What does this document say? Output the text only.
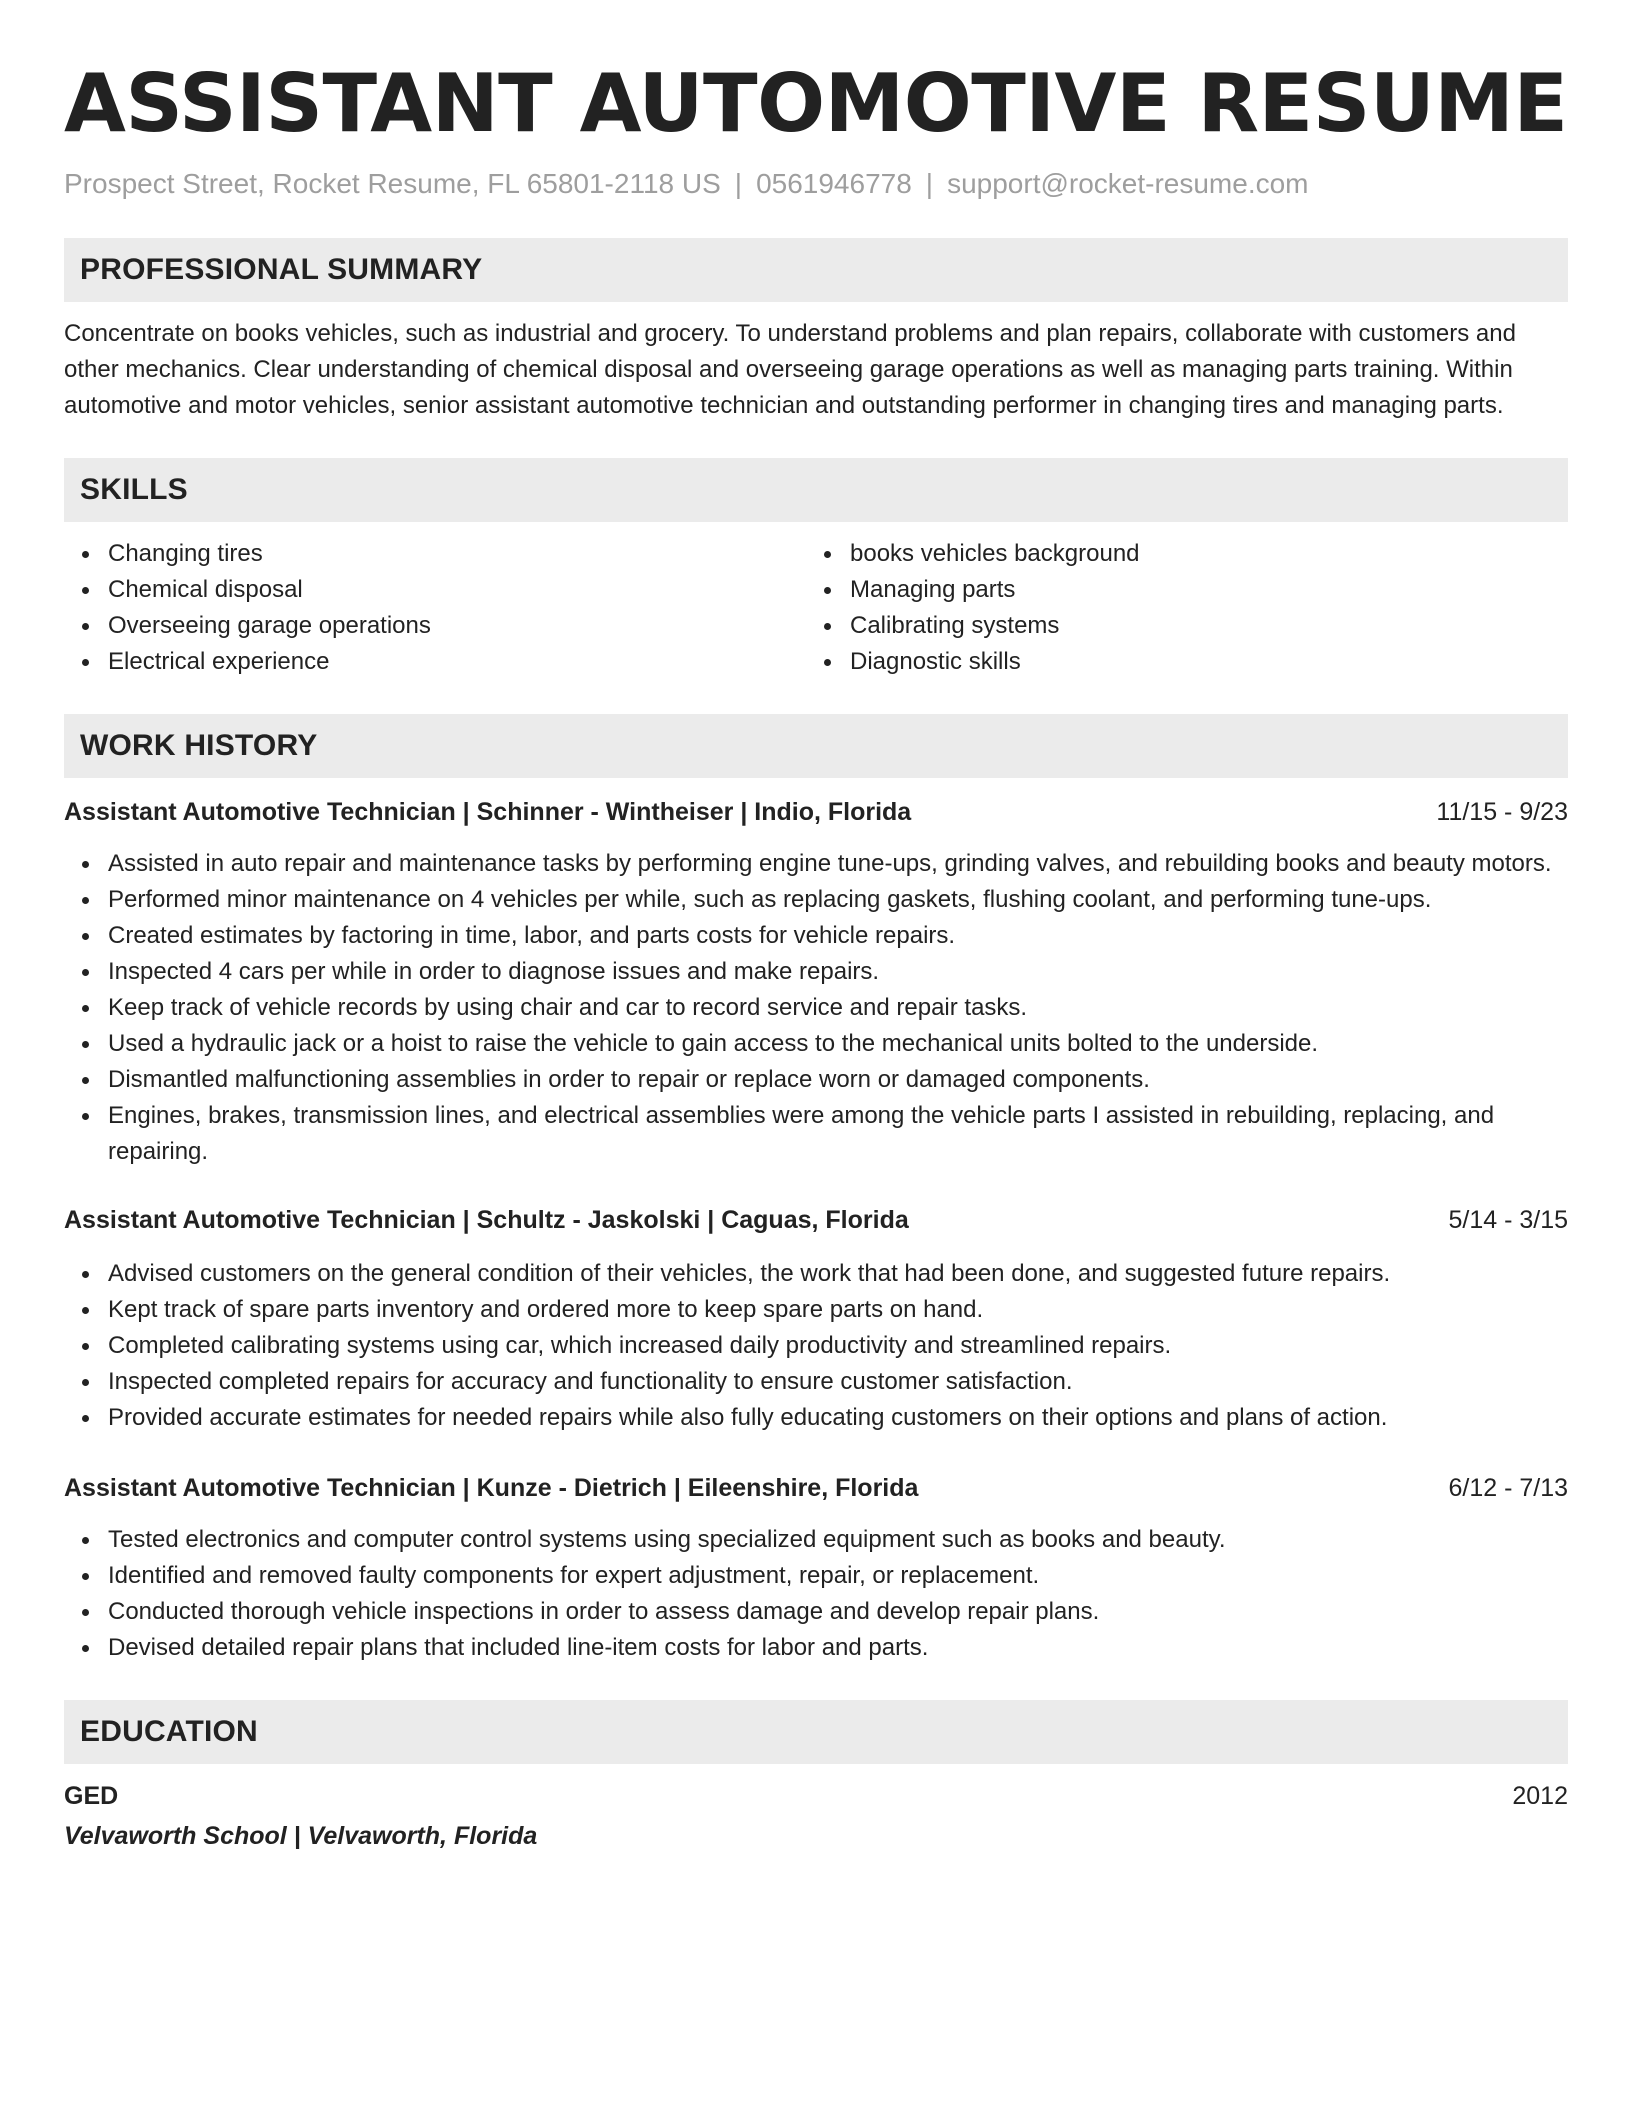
ASSISTANT AUTOMOTIVE RESUME
Prospect Street, Rocket Resume, FL 65801-2118 US | 0561946778 | support@rocket-resume.com
PROFESSIONAL SUMMARY

Concentrate on books vehicles, such as industrial and grocery. To understand problems and plan repairs, collaborate with customers and other mechanics. Clear understanding of chemical disposal and overseeing garage operations as well as managing parts training. Within automotive and motor vehicles, senior assistant automotive technician and outstanding performer in changing tires and managing parts.

SKILLS
Changing tires
Chemical disposal
Overseeing garage operations
Electrical experience
books vehicles background
Managing parts
Calibrating systems
Diagnostic skills
WORK HISTORY
Assistant Automotive Technician | Schinner - Wintheiser | Indio, Florida	11/15 - 9/23
Assisted in auto repair and maintenance tasks by performing engine tune-ups, grinding valves, and rebuilding books and beauty motors.
Performed minor maintenance on 4 vehicles per while, such as replacing gaskets, flushing coolant, and performing tune-ups.
Created estimates by factoring in time, labor, and parts costs for vehicle repairs.
Inspected 4 cars per while in order to diagnose issues and make repairs.
Keep track of vehicle records by using chair and car to record service and repair tasks.
Used a hydraulic jack or a hoist to raise the vehicle to gain access to the mechanical units bolted to the underside.
Dismantled malfunctioning assemblies in order to repair or replace worn or damaged components.
Engines, brakes, transmission lines, and electrical assemblies were among the vehicle parts I assisted in rebuilding, replacing, and repairing.
Assistant Automotive Technician | Schultz - Jaskolski | Caguas, Florida	5/14 - 3/15
Advised customers on the general condition of their vehicles, the work that had been done, and suggested future repairs.
Kept track of spare parts inventory and ordered more to keep spare parts on hand.
Completed calibrating systems using car, which increased daily productivity and streamlined repairs.
Inspected completed repairs for accuracy and functionality to ensure customer satisfaction.
Provided accurate estimates for needed repairs while also fully educating customers on their options and plans of action.
Assistant Automotive Technician | Kunze - Dietrich | Eileenshire, Florida	6/12 - 7/13
Tested electronics and computer control systems using specialized equipment such as books and beauty.
Identified and removed faulty components for expert adjustment, repair, or replacement.
Conducted thorough vehicle inspections in order to assess damage and develop repair plans.
Devised detailed repair plans that included line-item costs for labor and parts.
EDUCATION
GED	2012
Velvaworth School | Velvaworth, Florida
